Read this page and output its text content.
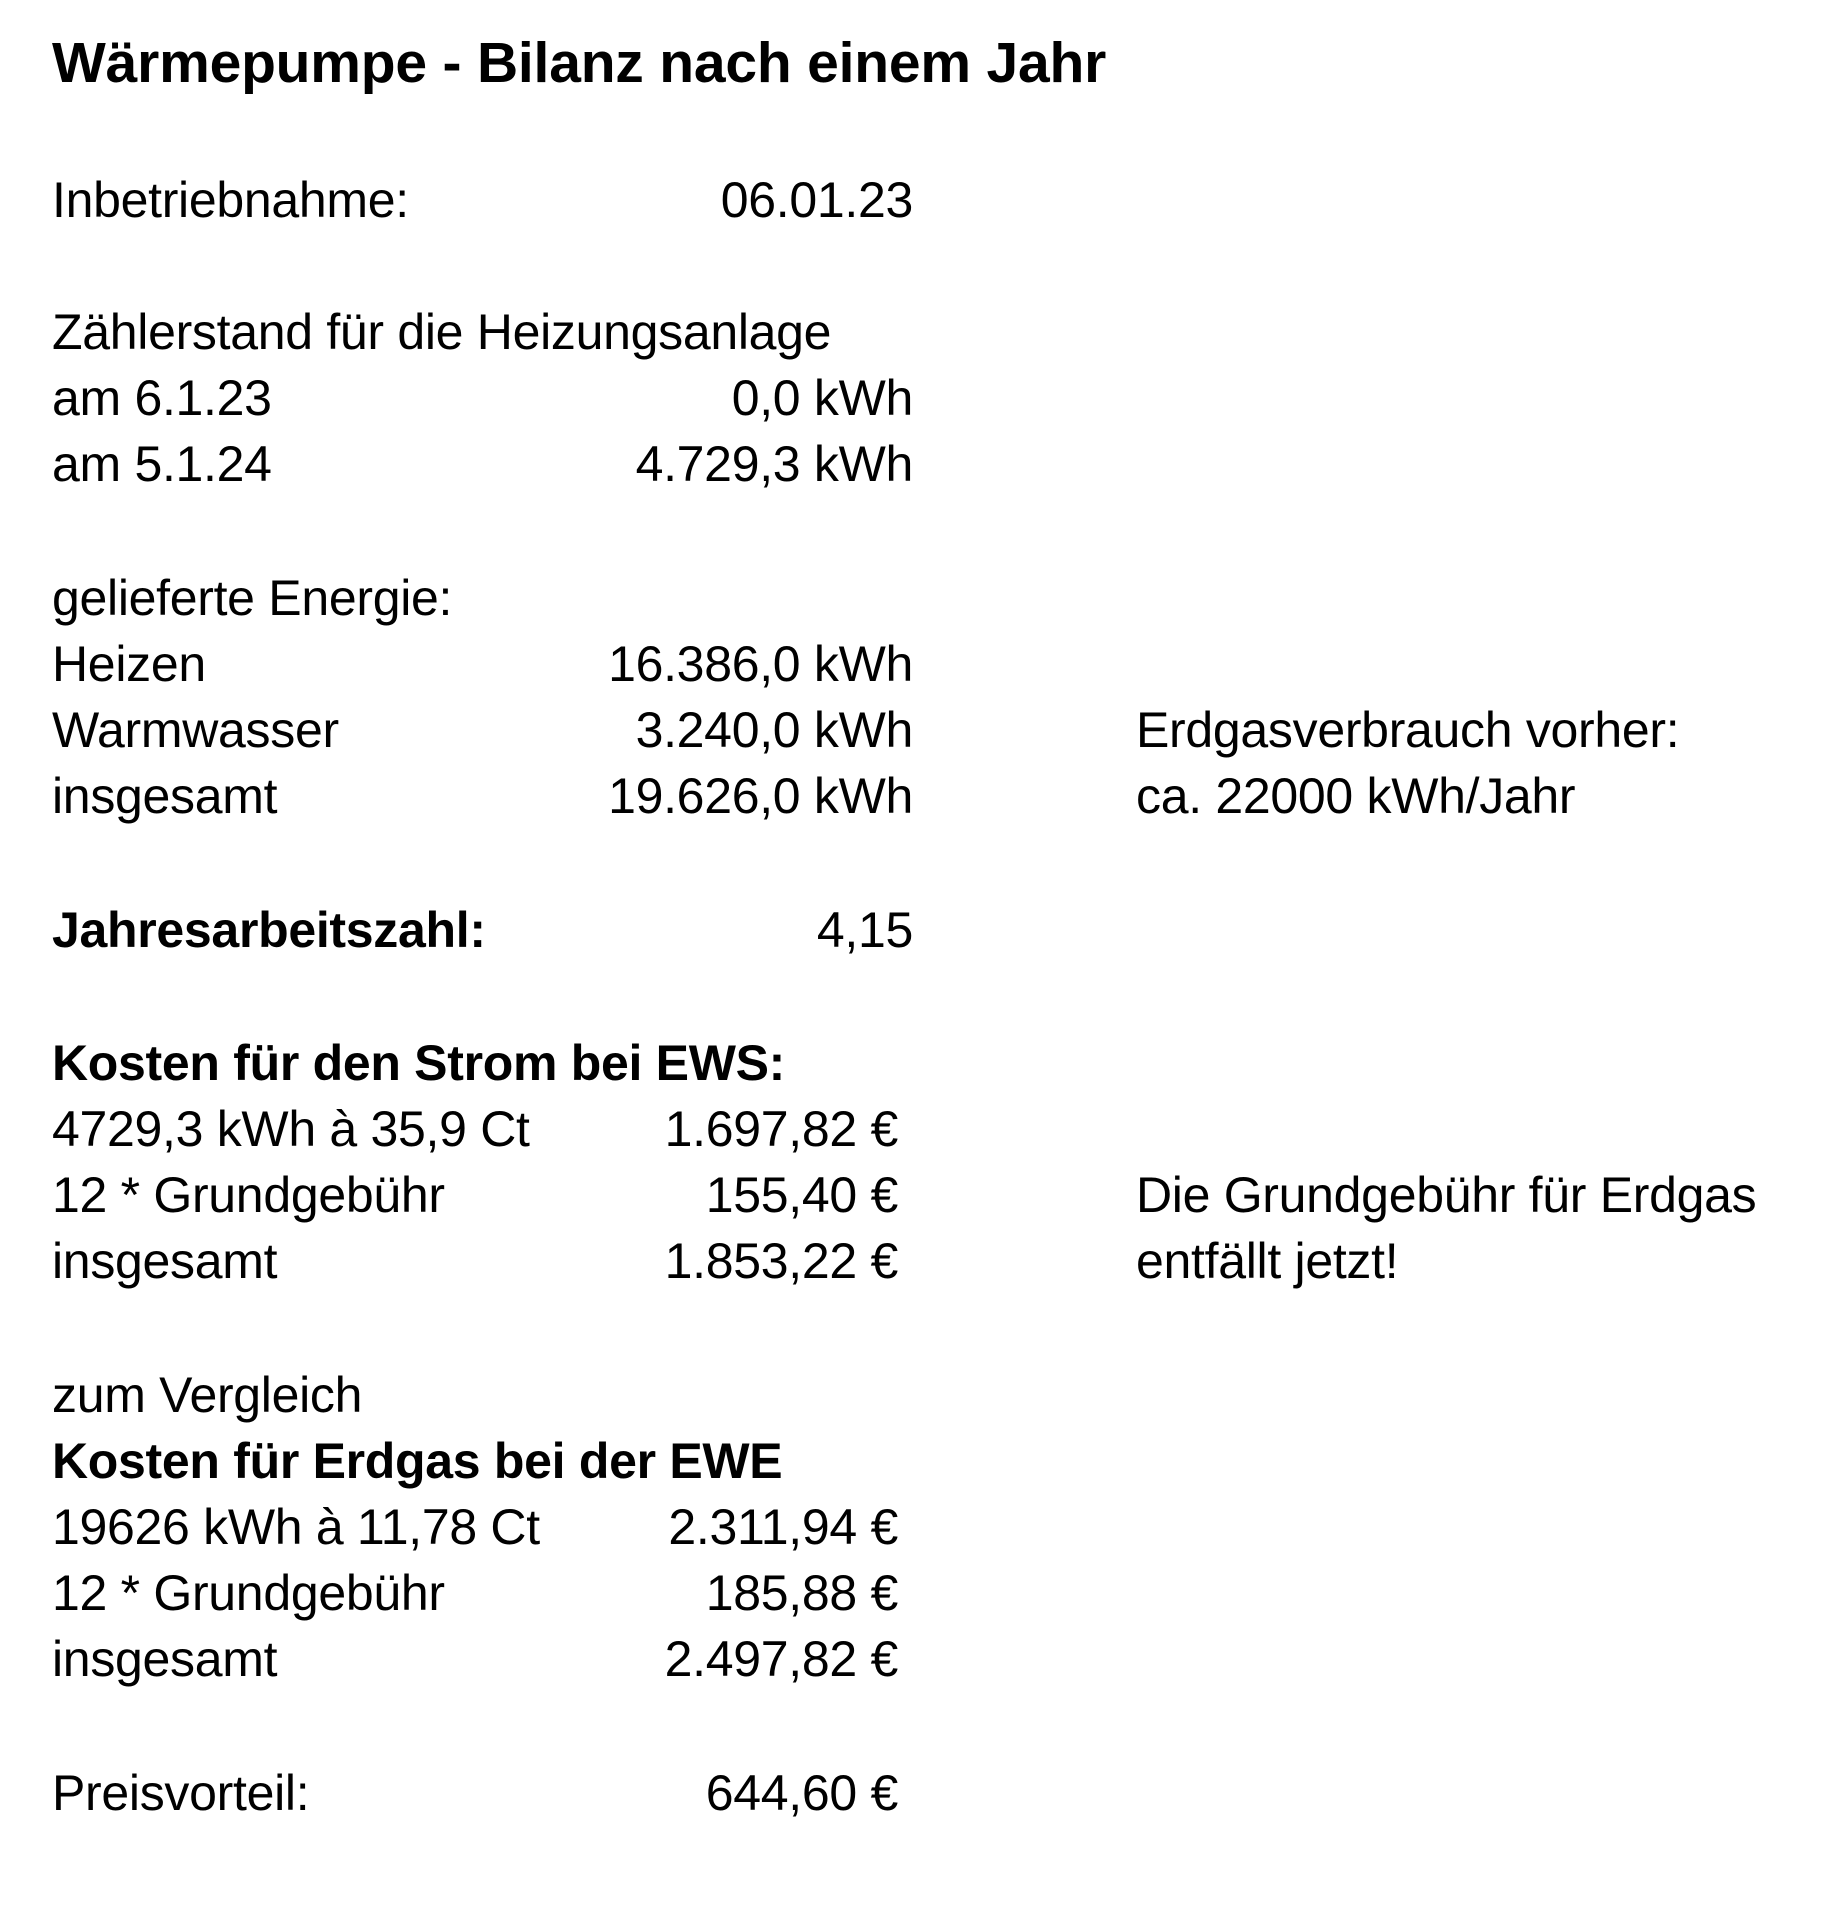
Wärmepumpe - Bilanz nach einem Jahr
Inbetriebnahme:	06.01.23
Zählerstand für die Heizungsanlage
am 6.1.23	0,0 kWh
am 5.1.24	4.729,3 kWh
gelieferte Energie:
Heizen	16.386,0 kWh
Warmwasser	3.240,0 kWh
insgesamt	19.626,0 kWh
Erdgasverbrauch vorher:
ca. 22000 kWh/Jahr
Jahresarbeitszahl:	4,15
Kosten für den Strom bei EWS:
4729,3 kWh à 35,9 Ct	1.697,82 €
12 * Grundgebühr	155,40 €
insgesamt	1.853,22 €
Die Grundgebühr für Erdgas
entfällt jetzt!
zum Vergleich
Kosten für Erdgas bei der EWE
19626 kWh à 11,78 Ct	2.311,94 €
12 * Grundgebühr	185,88 €
insgesamt	2.497,82 €
Preisvorteil:	644,60 €
